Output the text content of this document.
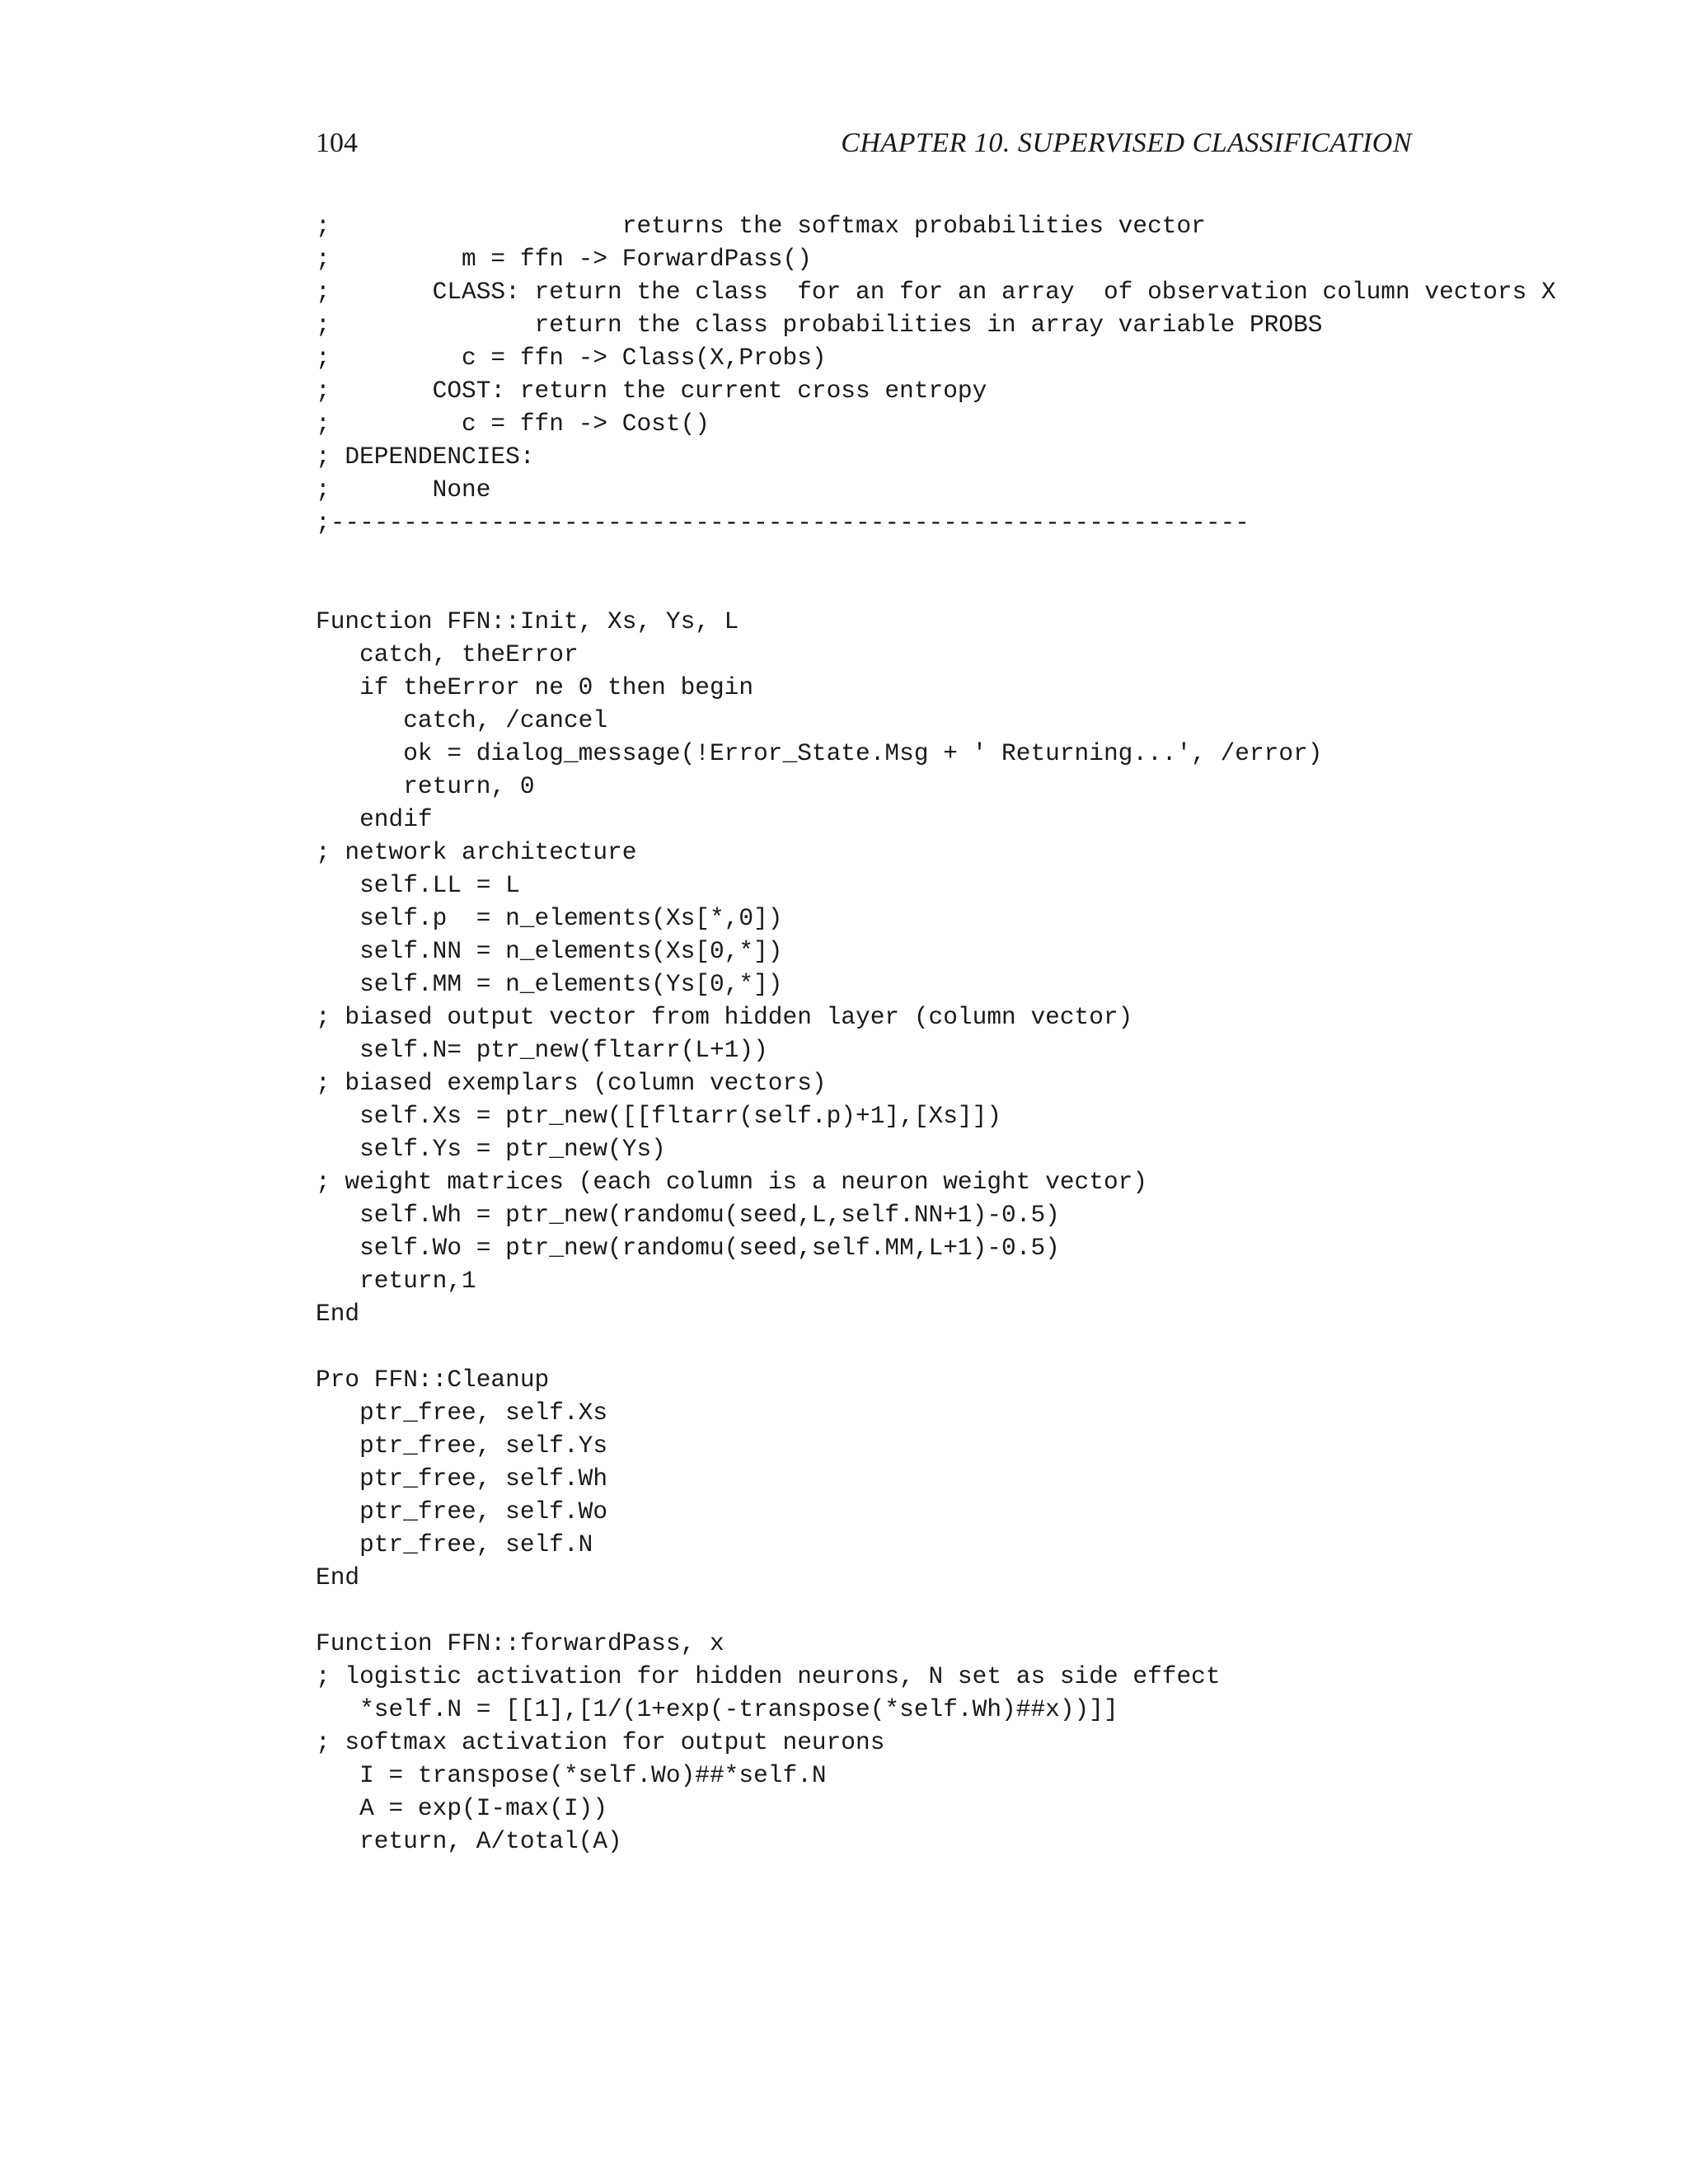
104	CHAPTER 10. SUPERVISED CLASSIFICATION
;                    returns the softmax probabilities vector
;         m = ffn -> ForwardPass()
;       CLASS: return the class  for an for an array  of observation column vectors X
;              return the class probabilities in array variable PROBS
;         c = ffn -> Class(X,Probs)
;       COST: return the current cross entropy
;         c = ffn -> Cost()
; DEPENDENCIES:
;       None
;---------------------------------------------------------------
Function FFN::Init, Xs, Ys, L
catch, theError
if theError ne 0 then begin
catch, /cancel
ok = dialog_message(!Error_State.Msg + ' Returning...', /error)
return, 0
endif
; network architecture
self.LL = L
self.p  = n_elements(Xs[*,0])
self.NN = n_elements(Xs[0,*])
self.MM = n_elements(Ys[0,*])
; biased output vector from hidden layer (column vector)
self.N= ptr_new(fltarr(L+1))
; biased exemplars (column vectors)
self.Xs = ptr_new([[fltarr(self.p)+1],[Xs]])
self.Ys = ptr_new(Ys)
; weight matrices (each column is a neuron weight vector)
self.Wh = ptr_new(randomu(seed,L,self.NN+1)-0.5)
self.Wo = ptr_new(randomu(seed,self.MM,L+1)-0.5)
return,1
End
Pro FFN::Cleanup
ptr_free, self.Xs
ptr_free, self.Ys
ptr_free, self.Wh
ptr_free, self.Wo
ptr_free, self.N
End
Function FFN::forwardPass, x
; logistic activation for hidden neurons, N set as side effect
*self.N = [[1],[1/(1+exp(-transpose(*self.Wh)##x))]]
; softmax activation for output neurons
I = transpose(*self.Wo)##*self.N
A = exp(I-max(I))
return, A/total(A)
